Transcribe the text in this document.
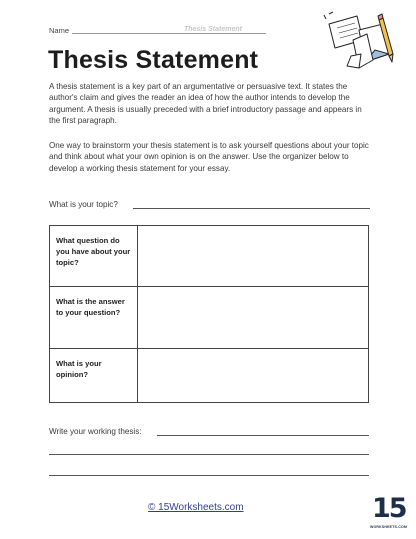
Name	Thesis Statement
Thesis Statement

A thesis statement is a key part of an argumentative or persuasive text. It states the author's claim and gives the reader an idea of how the author intends to develop the argument. A thesis is usually preceded with a brief introductory passage and appears in the first paragraph.

One way to brainstorm your thesis statement is to ask yourself questions about your topic and think about what your own opinion is on the answer. Use the organizer below to develop a working thesis statement for your essay.

What is your topic?
What question do you have about your topic?
What is the answer to your question?
What is your opinion?
Write your working thesis:
© 15Worksheets.com	15
WORKSHEETS.COM
